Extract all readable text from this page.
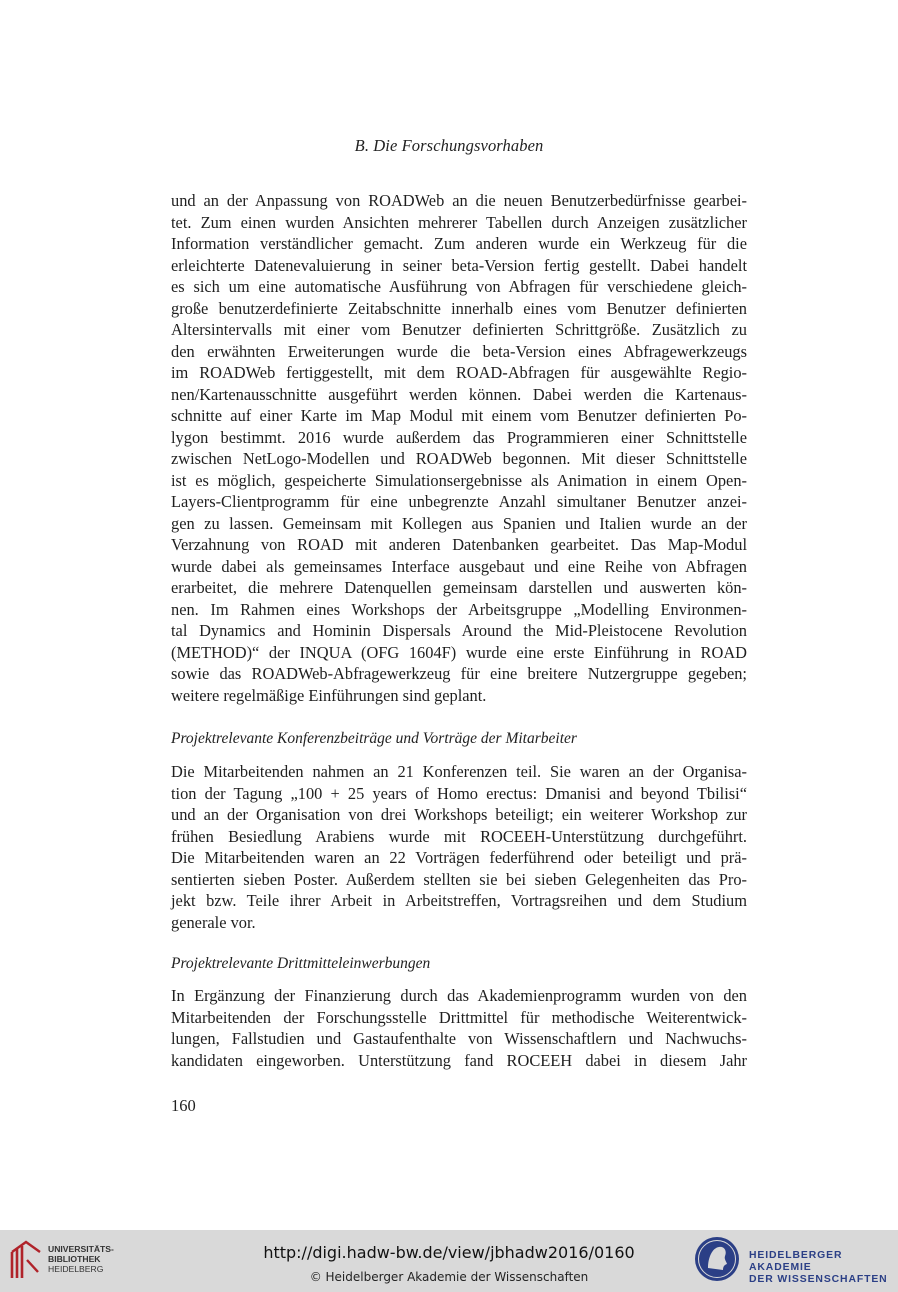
B. Die Forschungsvorhaben
und an der Anpassung von ROADWeb an die neuen Benutzerbedürfnisse gearbei-
tet. Zum einen wurden Ansichten mehrerer Tabellen durch Anzeigen zusätzlicher
Information verständlicher gemacht. Zum anderen wurde ein Werkzeug für die
erleichterte Datenevaluierung in seiner beta-Version fertig gestellt. Dabei handelt
es sich um eine automatische Ausführung von Abfragen für verschiedene gleich-
große benutzerdefinierte Zeitabschnitte innerhalb eines vom Benutzer definierten
Altersintervalls mit einer vom Benutzer definierten Schrittgröße. Zusätzlich zu
den erwähnten Erweiterungen wurde die beta-Version eines Abfragewerkzeugs
im ROADWeb fertiggestellt, mit dem ROAD-Abfragen für ausgewählte Regio-
nen/Kartenausschnitte ausgeführt werden können. Dabei werden die Kartenaus-
schnitte auf einer Karte im Map Modul mit einem vom Benutzer definierten Po-
lygon bestimmt. 2016 wurde außerdem das Programmieren einer Schnittstelle
zwischen NetLogo-Modellen und ROADWeb begonnen. Mit dieser Schnittstelle
ist es möglich, gespeicherte Simulationsergebnisse als Animation in einem Open-
Layers-Clientprogramm für eine unbegrenzte Anzahl simultaner Benutzer anzei-
gen zu lassen. Gemeinsam mit Kollegen aus Spanien und Italien wurde an der
Verzahnung von ROAD mit anderen Datenbanken gearbeitet. Das Map-Modul
wurde dabei als gemeinsames Interface ausgebaut und eine Reihe von Abfragen
erarbeitet, die mehrere Datenquellen gemeinsam darstellen und auswerten kön-
nen. Im Rahmen eines Workshops der Arbeitsgruppe „Modelling Environmen-
tal Dynamics and Hominin Dispersals Around the Mid-Pleistocene Revolution
(METHOD)“ der INQUA (OFG 1604F) wurde eine erste Einführung in ROAD
sowie das ROADWeb-Abfragewerkzeug für eine breitere Nutzergruppe gegeben;
weitere regelmäßige Einführungen sind geplant.
Projektrelevante Konferenzbeiträge und Vorträge der Mitarbeiter
Die Mitarbeitenden nahmen an 21 Konferenzen teil. Sie waren an der Organisa-
tion der Tagung „100 + 25 years of Homo erectus: Dmanisi and beyond Tbilisi“
und an der Organisation von drei Workshops beteiligt; ein weiterer Workshop zur
frühen Besiedlung Arabiens wurde mit ROCEEH-Unterstützung durchgeführt.
Die Mitarbeitenden waren an 22 Vorträgen federführend oder beteiligt und prä-
sentierten sieben Poster. Außerdem stellten sie bei sieben Gelegenheiten das Pro-
jekt bzw. Teile ihrer Arbeit in Arbeitstreffen, Vortragsreihen und dem Studium
generale vor.
Projektrelevante Drittmitteleinwerbungen
In Ergänzung der Finanzierung durch das Akademienprogramm wurden von den
Mitarbeitenden der Forschungsstelle Drittmittel für methodische Weiterentwick-
lungen, Fallstudien und Gastaufenthalte von Wissenschaftlern und Nachwuchs-
kandidaten eingeworben. Unterstützung fand ROCEEH dabei in diesem Jahr
160
UNIVERSITÄTS-
BIBLIOTHEK
HEIDELBERG
http://digi.hadw-bw.de/view/jbhadw2016/0160
© Heidelberger Akademie der Wissenschaften
HEIDELBERGER AKADEMIE
DER WISSENSCHAFTEN
